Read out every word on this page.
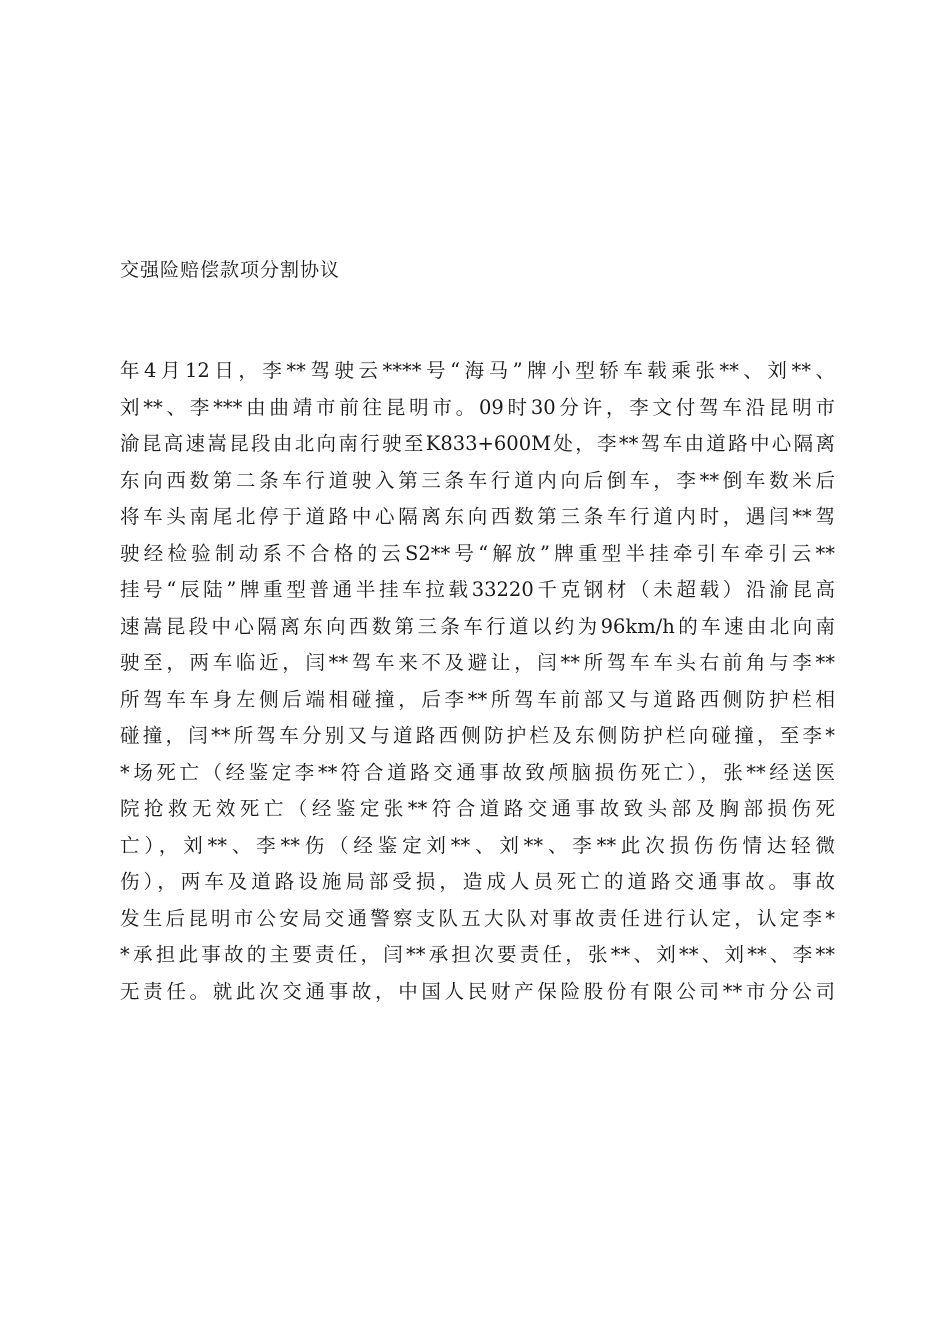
交强险赔偿款项分割协议
年4月12日，李**驾驶云****号“海马”牌小型轿车载乘张**、刘**、
刘**、李***由曲靖市前往昆明市。09时30分许，李文付驾车沿昆明市
渝昆高速嵩昆段由北向南行驶至K833+600M处，李**驾车由道路中心隔离
东向西数第二条车行道驶入第三条车行道内向后倒车，李**倒车数米后
将车头南尾北停于道路中心隔离东向西数第三条车行道内时，遇闫**驾
驶经检验制动系不合格的云S2**号“解放”牌重型半挂牵引车牵引云**
挂号“辰陆”牌重型普通半挂车拉载33220千克钢材（未超载）沿渝昆高
速嵩昆段中心隔离东向西数第三条车行道以约为96km/h的车速由北向南
驶至，两车临近，闫**驾车来不及避让，闫**所驾车车头右前角与李**
所驾车车身左侧后端相碰撞，后李**所驾车前部又与道路西侧防护栏相
碰撞，闫**所驾车分别又与道路西侧防护栏及东侧防护栏向碰撞，至李*
*场死亡（经鉴定李**符合道路交通事故致颅脑损伤死亡），张**经送医
院抢救无效死亡（经鉴定张**符合道路交通事故致头部及胸部损伤死
亡），刘**、李**伤（经鉴定刘**、刘**、李**此次损伤伤情达轻微
伤），两车及道路设施局部受损，造成人员死亡的道路交通事故。事故
发生后昆明市公安局交通警察支队五大队对事故责任进行认定，认定李*
*承担此事故的主要责任，闫**承担次要责任，张**、刘**、刘**、李**
无责任。就此次交通事故，中国人民财产保险股份有限公司**市分公司
